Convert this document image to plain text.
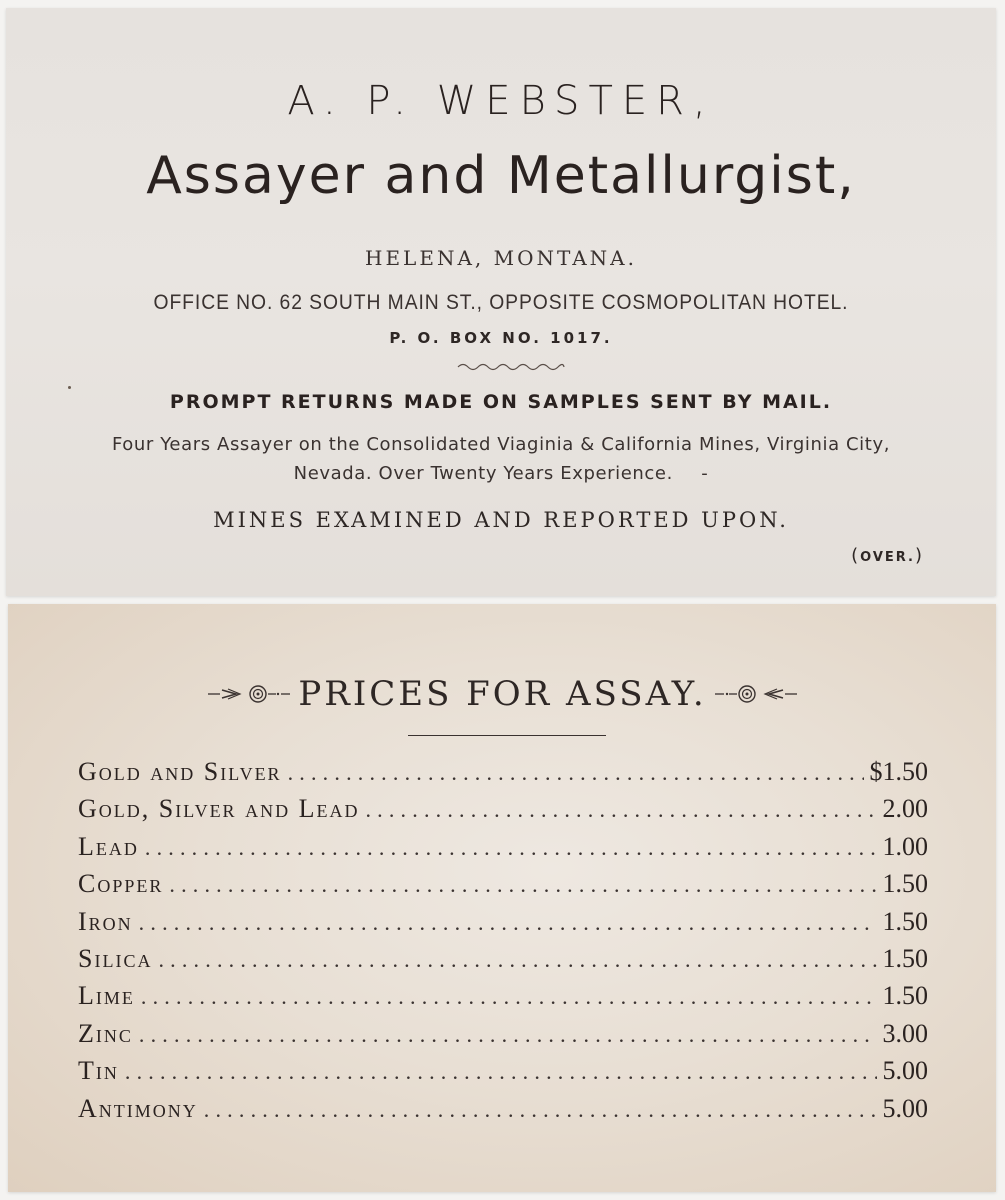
A. P. WEBSTER,
Assayer and Metallurgist,
HELENA, MONTANA.
OFFICE NO. 62 SOUTH MAIN ST., OPPOSITE COSMOPOLITAN HOTEL.
P. O. BOX NO. 1017.
PROMPT RETURNS MADE ON SAMPLES SENT BY MAIL.
Four Years Assayer on the Consolidated Viaginia & California Mines, Virginia City,
Nevada. Over Twenty Years Experience. -
MINES EXAMINED AND REPORTED UPON.
(OVER.)
PRICES FOR ASSAY.
Gold and Silver .....	$1.50
Gold, Silver and Lead .....	2.00
Lead .....	1.00
Copper .....	1.50
Iron .....	1.50
Silica .....	1.50
Lime .....	1.50
Zinc .....	3.00
Tin .....	5.00
Antimony .....	5.00
